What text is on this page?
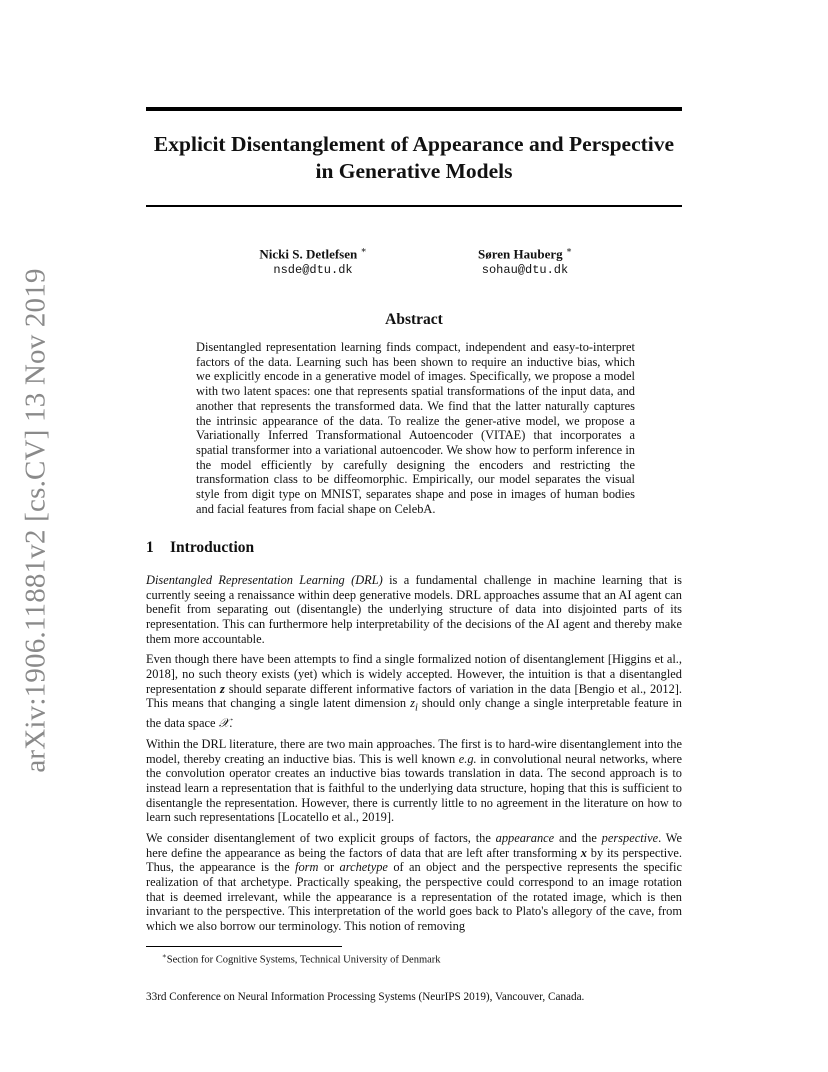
arXiv:1906.11881v2 [cs.CV] 13 Nov 2019
Explicit Disentanglement of Appearance and Perspective in Generative Models
Nicki S. Detlefsen ∗
nsde@dtu.dk
Søren Hauberg ∗
sohau@dtu.dk
Abstract

Disentangled representation learning finds compact, independent and easy-to-interpret factors of the data. Learning such has been shown to require an inductive bias, which we explicitly encode in a generative model of images. Specifically, we propose a model with two latent spaces: one that represents spatial transformations of the input data, and another that represents the transformed data. We find that the latter naturally captures the intrinsic appearance of the data. To realize the gener-ative model, we propose a Variationally Inferred Transformational Autoencoder (VITAE) that incorporates a spatial transformer into a variational autoencoder. We show how to perform inference in the model efficiently by carefully designing the encoders and restricting the transformation class to be diffeomorphic. Empirically, our model separates the visual style from digit type on MNIST, separates shape and pose in images of human bodies and facial features from facial shape on CelebA.

1 Introduction

Disentangled Representation Learning (DRL) is a fundamental challenge in machine learning that is currently seeing a renaissance within deep generative models. DRL approaches assume that an AI agent can benefit from separating out (disentangle) the underlying structure of data into disjointed parts of its representation. This can furthermore help interpretability of the decisions of the AI agent and thereby make them more accountable.

Even though there have been attempts to find a single formalized notion of disentanglement [Higgins et al., 2018], no such theory exists (yet) which is widely accepted. However, the intuition is that a disentangled representation z should separate different informative factors of variation in the data [Bengio et al., 2012]. This means that changing a single latent dimension $z_i$ should only change a single interpretable feature in the data space 𝒳.

Within the DRL literature, there are two main approaches. The first is to hard-wire disentanglement into the model, thereby creating an inductive bias. This is well known e.g. in convolutional neural networks, where the convolution operator creates an inductive bias towards translation in data. The second approach is to instead learn a representation that is faithful to the underlying data structure, hoping that this is sufficient to disentangle the representation. However, there is currently little to no agreement in the literature on how to learn such representations [Locatello et al., 2019].

We consider disentanglement of two explicit groups of factors, the appearance and the perspective. We here define the appearance as being the factors of data that are left after transforming x by its perspective. Thus, the appearance is the form or archetype of an object and the perspective represents the specific realization of that archetype. Practically speaking, the perspective could correspond to an image rotation that is deemed irrelevant, while the appearance is a representation of the rotated image, which is then invariant to the perspective. This interpretation of the world goes back to Plato's allegory of the cave, from which we also borrow our terminology. This notion of removing

∗Section for Cognitive Systems, Technical University of Denmark
33rd Conference on Neural Information Processing Systems (NeurIPS 2019), Vancouver, Canada.
